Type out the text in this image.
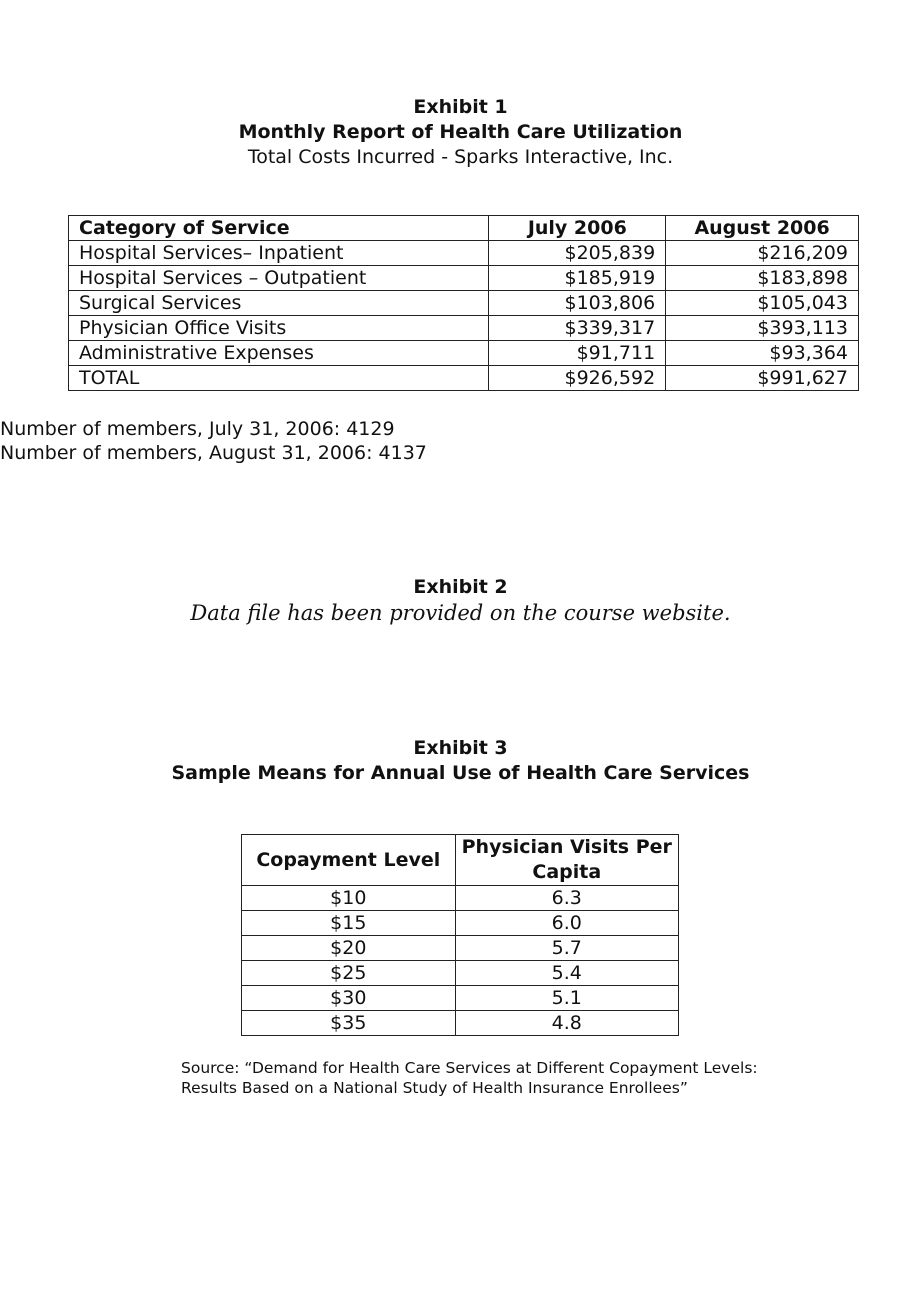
Exhibit 1

Monthly Report of Health Care Utilization

Total Costs Incurred - Sparks Interactive, Inc.

Category of Service	July 2006	August 2006
Hospital Services– Inpatient	$205,839	$216,209
Hospital Services – Outpatient	$185,919	$183,898
Surgical Services	$103,806	$105,043
Physician Office Visits	$339,317	$393,113
Administrative Expenses	$91,711	$93,364
TOTAL	$926,592	$991,627

Number of members, July 31, 2006: 4129

Number of members, August 31, 2006: 4137

Exhibit 2

Data file has been provided on the course website.

Exhibit 3

Sample Means for Annual Use of Health Care Services

Copayment Level	Physician Visits Per Capita
$10	6.3
$15	6.0
$20	5.7
$25	5.4
$30	5.1
$35	4.8
Source: “Demand for Health Care Services at Different Copayment Levels:
Results Based on a National Study of Health Insurance Enrollees”
